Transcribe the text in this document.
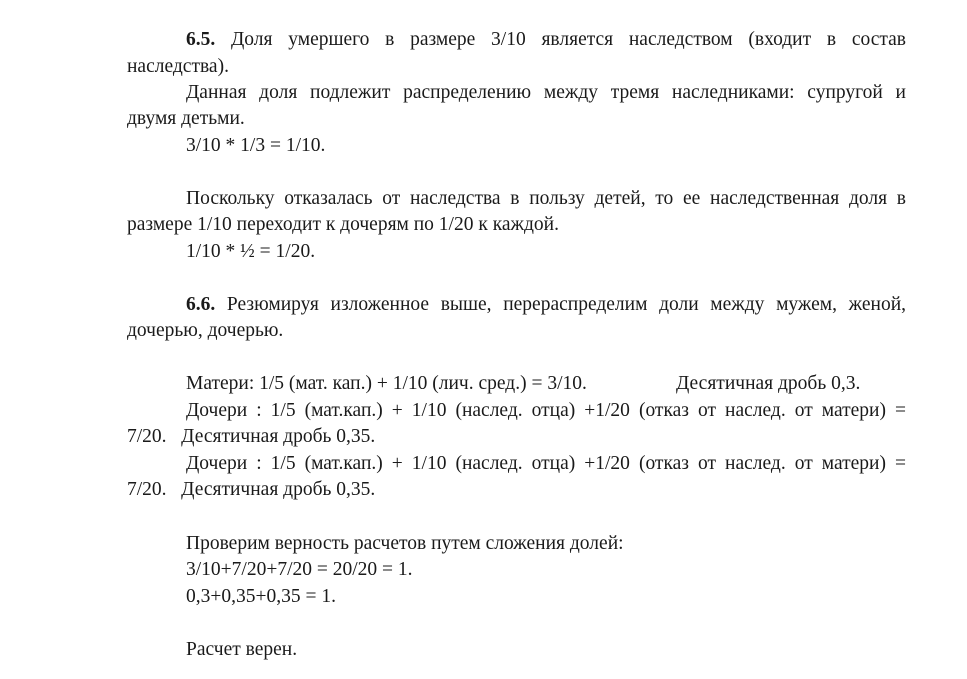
6.5. Доля умершего в размере 3/10 является наследством (входит в состав
наследства).
Данная доля подлежит распределению между тремя наследниками: супругой и
двумя детьми.
3/10 * 1/3 = 1/10.
Поскольку отказалась от наследства в пользу детей, то ее наследственная доля в
размере 1/10 переходит к дочерям по 1/20 к каждой.
1/10 * ½ = 1/20.
6.6. Резюмируя изложенное выше, перераспределим доли между мужем, женой,
дочерью, дочерью.
Матери: 1/5 (мат. кап.) + 1/10 (лич. сред.) = 3/10.	Десятичная дробь 0,3.
Дочери : 1/5 (мат.кап.) + 1/10 (наслед. отца) +1/20 (отказ от наслед. от матери) =
7/20.   Десятичная дробь 0,35.
Дочери : 1/5 (мат.кап.) + 1/10 (наслед. отца) +1/20 (отказ от наслед. от матери) =
7/20.   Десятичная дробь 0,35.
Проверим верность расчетов путем сложения долей:
3/10+7/20+7/20 = 20/20 = 1.
0,3+0,35+0,35 = 1.
Расчет верен.
